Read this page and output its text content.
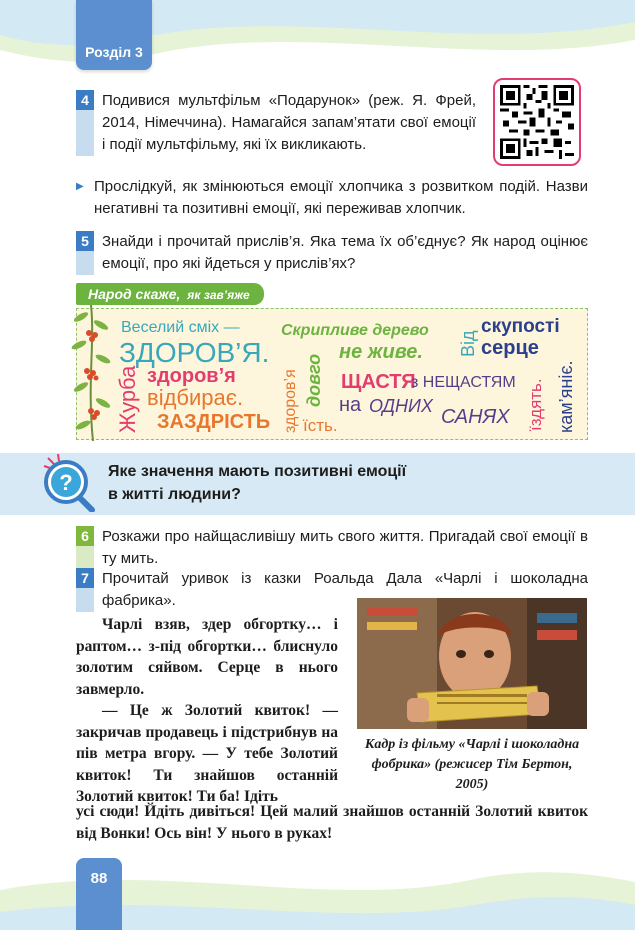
Розділ 3
4 Подивися мультфільм «Подарунок» (реж. Я. Фрей, 2014, Німеччина). Намагайся запам’ятати свої емоції і події мультфільму, які їх викликають.
▶ Прослідкуй, як змінюються емоції хлопчика з розвитком подій. Назви негативні та позитивні емоції, які переживав хлопчик.
5 Знайди і прочитай прислів’я. Яка тема їх об’єднує? Як народ оцінює емоції, про які йдеться у прислів’ях?
Народ скаже, як зав’яже
Веселий сміх —
ЗДОРОВ’Я.
Журба здоров’я
відбирає.
ЗАЗДРІСТЬ здоров’я їсть.
довго
Скрипливе дерево
не живе.
ЩАСТЯ
з НЕЩАСТЯМ
на ОДНИХ САНЯХ
Від
скупості
серце
їздять. кам’яніє.
? Яке значення мають позитивні емоції
в житті людини?
6 Розкажи про найщасливішу мить свого життя. Пригадай свої емоції в ту мить.
7 Прочитай уривок із казки Роальда Дала «Чарлі і шоколадна фабрика».
Кадр із фільму «Чарлі і шоколадна фобрика» (режисер Тім Бертон, 2005)

Чарлі взяв, здер обгортку… і раптом… з-під обгортки… блиснуло золотим сяйвом. Серце в нього завмерло.

— Це ж Золотий квиток! — закричав продавець і підстрибнув на пів метра вгору. — У тебе Золотий квиток! Ти знайшов останній Золотий квиток! Ти ба! Ідіть

усі сюди! Йдіть дивіться! Цей малий знайшов останній Золотий квиток від Вонки! Ось він! У нього в руках!

88
